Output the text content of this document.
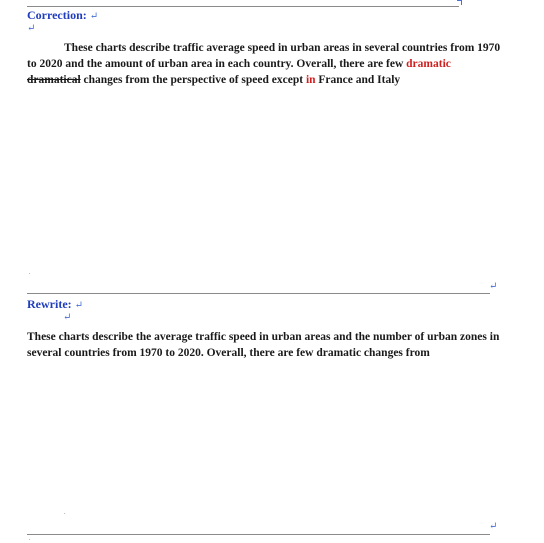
Correction: ↵
↵
These charts describe traffic average speed in urban areas in several countries from 1970 to 2020 and the amount of urban area in each country. Overall, there are few dramatic dramatical changes from the perspective of speed except in France and Italy
.
↵
Rewrite: ↵
↵
These charts describe the average traffic speed in urban areas and the number of urban zones in several countries from 1970 to 2020. Overall, there are few dramatic changes from
.
↵
.
